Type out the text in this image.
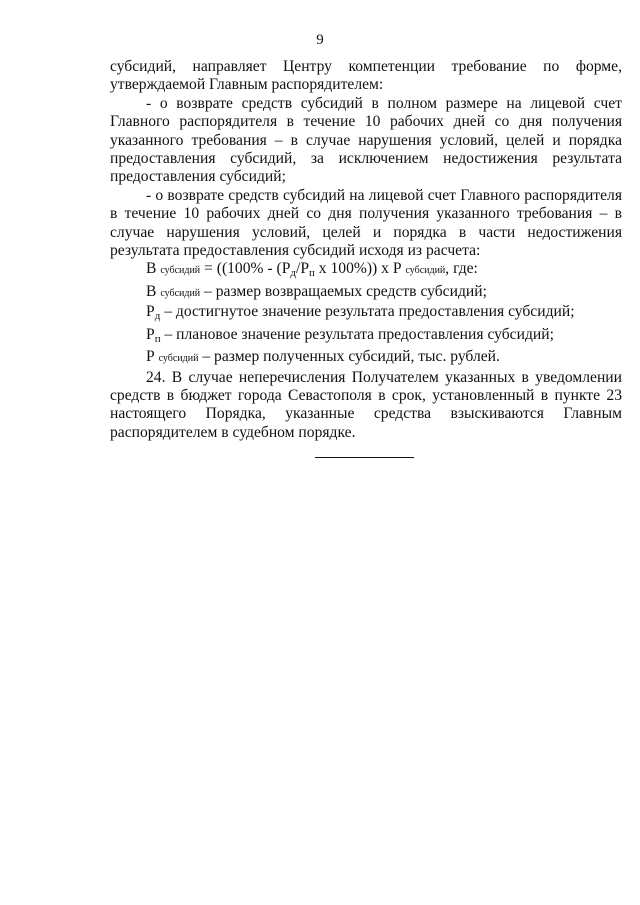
9

субсидий, направляет Центру компетенции требование по форме, утверждаемой Главным распорядителем:

- о возврате средств субсидий в полном размере на лицевой счет Главного распорядителя в течение 10 рабочих дней со дня получения указанного требования – в случае нарушения условий, целей и порядка предоставления субсидий, за исключением недостижения результата предоставления субсидий;

- о возврате средств субсидий на лицевой счет Главного распорядителя в течение 10 рабочих дней со дня получения указанного требования – в случае нарушения условий, целей и порядка в части недостижения результата предоставления субсидий исходя из расчета:

В субсидий = ((100% - (Рд/Рп х 100%)) х Р субсидий, где:

В субсидий – размер возвращаемых средств субсидий;

Рд – достигнутое значение результата предоставления субсидий;

Рп – плановое значение результата предоставления субсидий;

Р субсидий – размер полученных субсидий, тыс. рублей.

24. В случае неперечисления Получателем указанных в уведомлении средств в бюджет города Севастополя в срок, установленный в пункте 23 настоящего Порядка, указанные средства взыскиваются Главным распорядителем в судебном порядке.
